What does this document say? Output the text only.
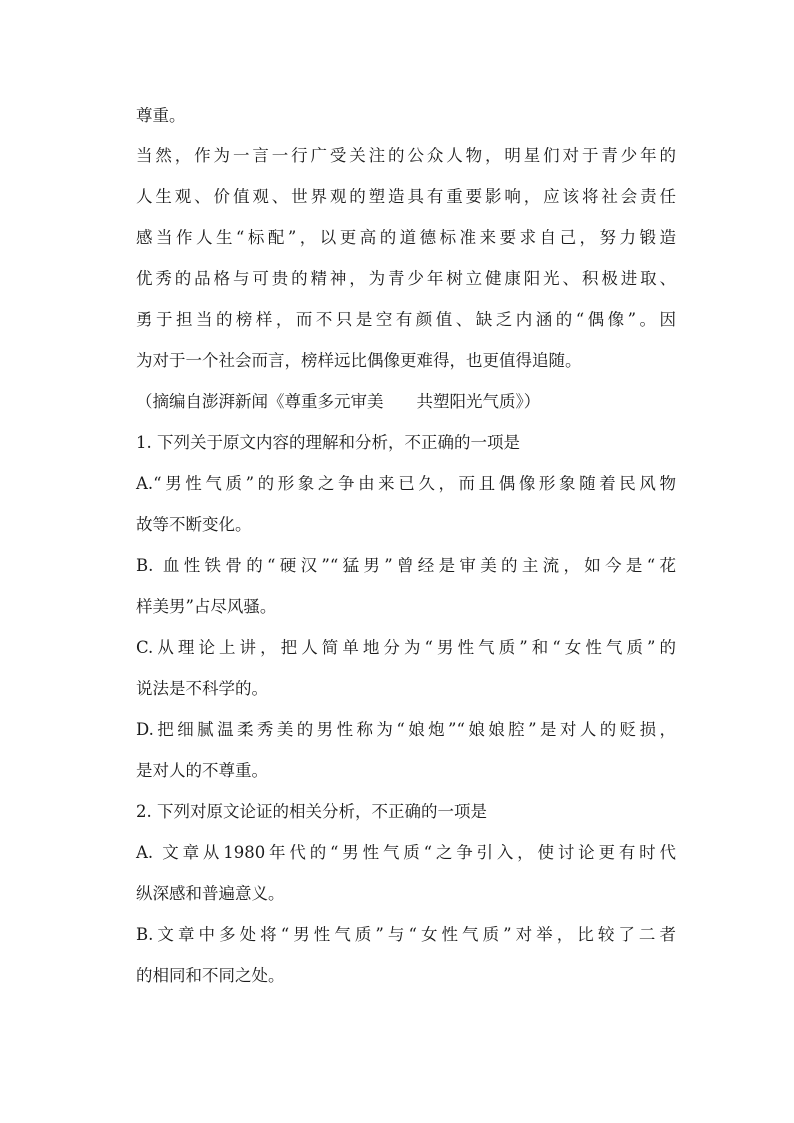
尊重。
当然，作为一言一行广受关注的公众人物，明星们对于青少年的
人生观、价值观、世界观的塑造具有重要影响，应该将社会责任
感当作人生“标配”，以更高的道德标准来要求自己，努力锻造
优秀的品格与可贵的精神，为青少年树立健康阳光、积极进取、
勇于担当的榜样，而不只是空有颜值、缺乏内涵的“偶像”。因
为对于一个社会而言，榜样远比偶像更难得，也更值得追随。
（摘编自澎湃新闻《尊重多元审美　　共塑阳光气质》）
1. 下列关于原文内容的理解和分析，不正确的一项是
A.“男性气质”的形象之争由来已久，而且偶像形象随着民风物
故等不断变化。
B. 血性铁骨的“硬汉”“猛男”曾经是审美的主流，如今是“花
样美男”占尽风骚。
C.从理论上讲，把人简单地分为“男性气质”和“女性气质”的
说法是不科学的。
D.把细腻温柔秀美的男性称为“娘炮”“娘娘腔”是对人的贬损，
是对人的不尊重。
2. 下列对原文论证的相关分析，不正确的一项是
A. 文章从1980年代的“男性气质“之争引入，使讨论更有时代
纵深感和普遍意义。
B.文章中多处将“男性气质”与“女性气质”对举，比较了二者
的相同和不同之处。
